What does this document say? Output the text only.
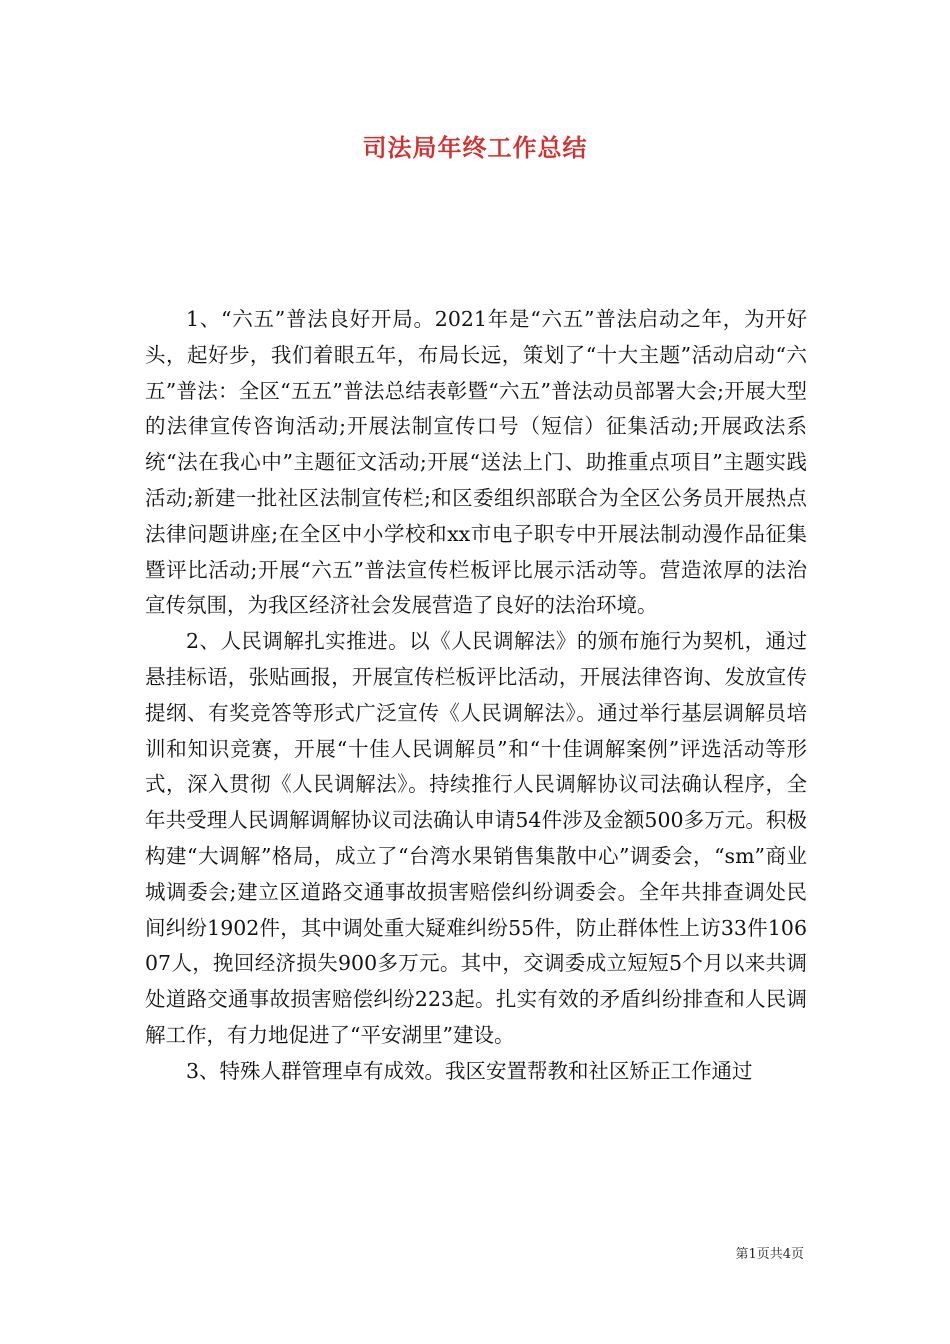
司法局年终工作总结

1、“六五”普法良好开局。2021年是“六五”普法启动之年，为开好头，起好步，我们着眼五年，布局长远，策划了“十大主题”活动启动“六五”普法：全区“五五”普法总结表彰暨“六五”普法动员部署大会;开展大型的法律宣传咨询活动;开展法制宣传口号（短信）征集活动;开展政法系统“法在我心中”主题征文活动;开展“送法上门、助推重点项目”主题实践活动;新建一批社区法制宣传栏;和区委组织部联合为全区公务员开展热点法律问题讲座;在全区中小学校和xx市电子职专中开展法制动漫作品征集暨评比活动;开展“六五”普法宣传栏板评比展示活动等。营造浓厚的法治宣传氛围，为我区经济社会发展营造了良好的法治环境。

2、人民调解扎实推进。以《人民调解法》的颁布施行为契机，通过悬挂标语，张贴画报，开展宣传栏板评比活动，开展法律咨询、发放宣传提纲、有奖竞答等形式广泛宣传《人民调解法》。通过举行基层调解员培训和知识竞赛，开展“十佳人民调解员”和“十佳调解案例”评选活动等形式，深入贯彻《人民调解法》。持续推行人民调解协议司法确认程序，全年共受理人民调解调解协议司法确认申请54件涉及金额500多万元。积极构建“大调解”格局，成立了“台湾水果销售集散中心”调委会，“sm”商业城调委会;建立区道路交通事故损害赔偿纠纷调委会。全年共排查调处民间纠纷1902件，其中调处重大疑难纠纷55件，防止群体性上访33件10607人，挽回经济损失900多万元。其中，交调委成立短短5个月以来共调处道路交通事故损害赔偿纠纷223起。扎实有效的矛盾纠纷排查和人民调解工作，有力地促进了“平安湖里”建设。

3、特殊人群管理卓有成效。我区安置帮教和社区矫正工作通过

第1页共4页
